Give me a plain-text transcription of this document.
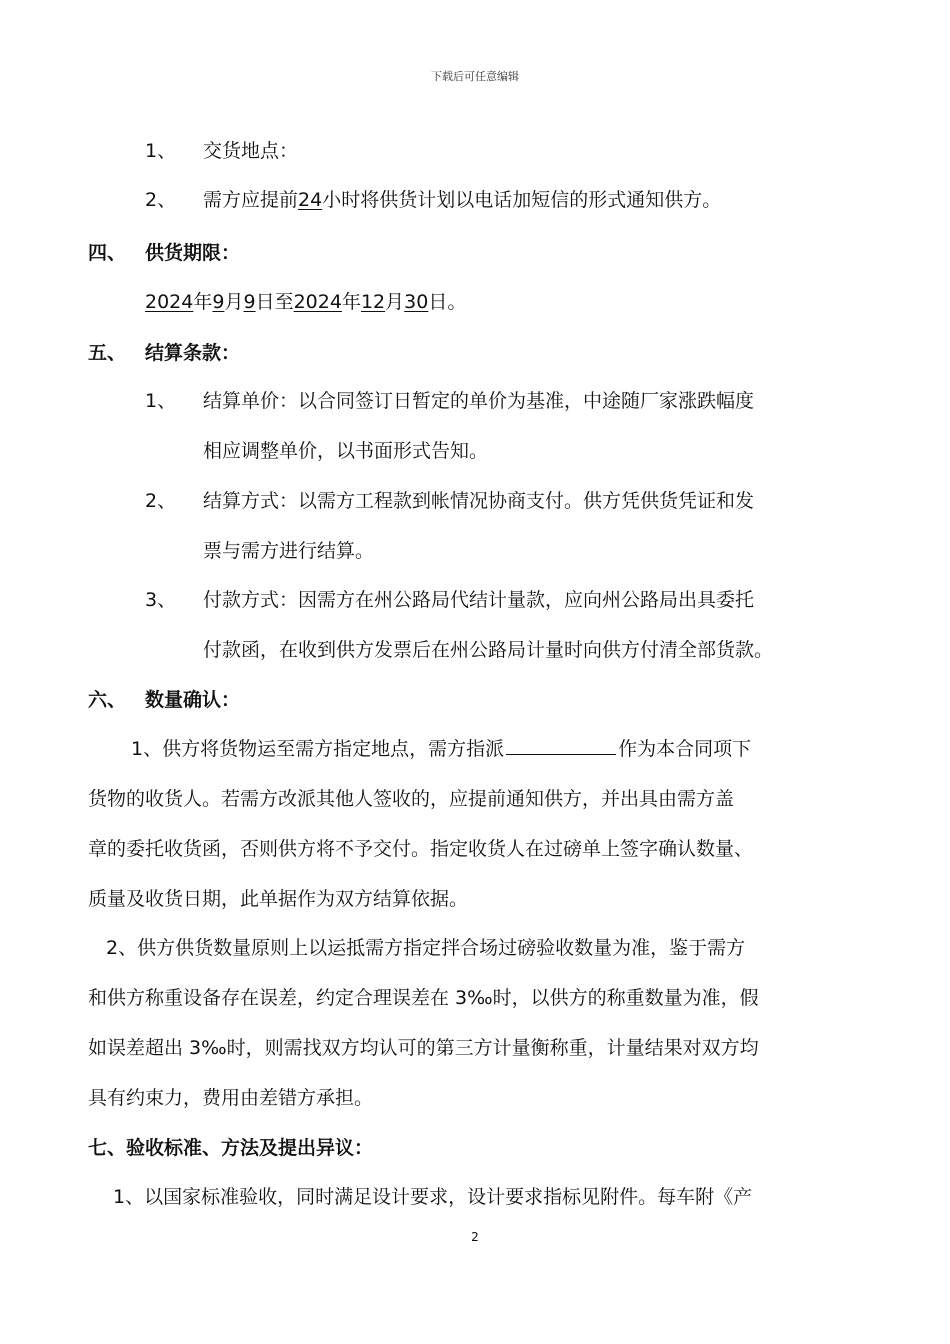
下载后可任意编辑
1、 交货地点：
2、 需方应提前24小时将供货计划以电话加短信的形式通知供方。
四、 供货期限：
2024年9月9日至2024年12月30日。
五、 结算条款：
1、 结算单价：以合同签订日暂定的单价为基准，中途随厂家涨跌幅度
相应调整单价，以书面形式告知。
2、 结算方式：以需方工程款到帐情况协商支付。供方凭供货凭证和发
票与需方进行结算。
3、 付款方式：因需方在州公路局代结计量款，应向州公路局出具委托
付款函，在收到供方发票后在州公路局计量时向供方付清全部货款。
六、 数量确认：
1、供方将货物运至需方指定地点，需方指派	作为本合同项下
货物的收货人。若需方改派其他人签收的，应提前通知供方，并出具由需方盖
章的委托收货函，否则供方将不予交付。指定收货人在过磅单上签字确认数量、
质量及收货日期，此单据作为双方结算依据。
2、供方供货数量原则上以运抵需方指定拌合场过磅验收数量为准，鉴于需方
和供方称重设备存在误差，约定合理误差在 3‰时，以供方的称重数量为准，假
如误差超出 3‰时，则需找双方均认可的第三方计量衡称重，计量结果对双方均
具有约束力，费用由差错方承担。
七、验收标准、方法及提出异议：
1、以国家标准验收，同时满足设计要求，设计要求指标见附件。每车附《产
2
